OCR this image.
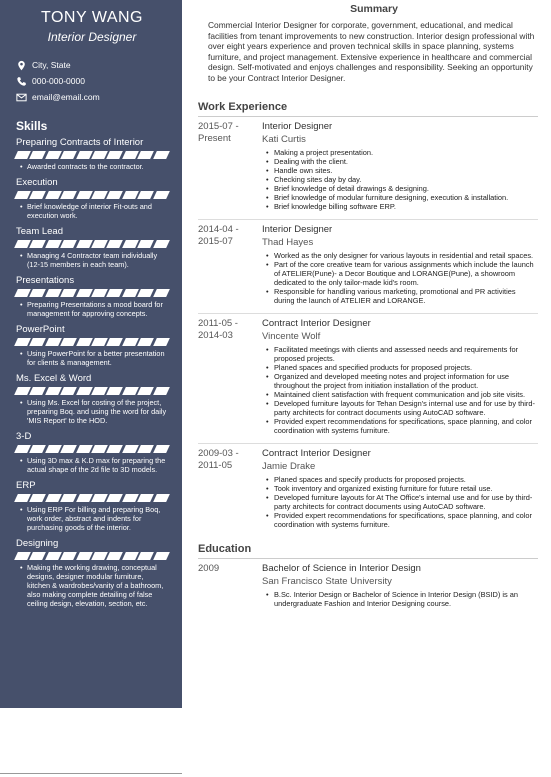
TONY WANG
Interior Designer
City, State
000-000-0000
email@email.com
Skills
Preparing Contracts of Interior
• Awarded contracts to the contractor.
Execution
• Brief knowledge of interior Fit-outs and execution work.
Team Lead
• Managing 4 Contractor team individually (12-15 members in each team).
Presentations
• Preparing Presentations a mood board for management for approving concepts.
PowerPoint
• Using PowerPoint for a better presentation for clients & management.
Ms. Excel & Word
• Using Ms. Excel for costing of the project, preparing Boq. and using the word for daily 'MIS Report' to the HOD.
3-D
• Using 3D max & K.D max for preparing the actual shape of the 2d file to 3D models.
ERP
• Using ERP For billing and preparing Boq, work order, abstract and indents for purchasing goods of the interior.
Designing
• Making the working drawing, conceptual designs, designer modular furniture, kitchen & wardrobes/vanity of a bathroom, also making complete detailing of false ceiling design, elevation, section, etc.
Summary
Commercial Interior Designer for corporate, government, educational, and medical facilities from tenant improvements to new construction. Interior design professional with over eight years experience and proven technical skills in space planning, systems furniture, and project management. Extensive experience in healthcare and commercial design. Self-motivated and enjoys challenges and responsibility. Seeking an opportunity to be your Contract Interior Designer.
Work Experience
2015-07 - Present
Interior Designer
Kati Curtis
• Making a project presentation.
• Dealing with the client.
• Handle own sites.
• Checking sites day by day.
• Brief knowledge of detail drawings & designing.
• Brief knowledge of modular furniture designing, execution & installation.
• Brief knowledge billing software ERP.
2014-04 - 2015-07
Interior Designer
Thad Hayes
• Worked as the only designer for various layouts in residential and retail spaces.
• Part of the core creative team for various assignments which include the launch of ATELIER(Pune)- a Decor Boutique and LORANGE(Pune), a showroom dedicated to the only tailor-made kid's room.
• Responsible for handling various marketing, promotional and PR activities during the launch of ATELIER and LORANGE.
2011-05 - 2014-03
Contract Interior Designer
Vincente Wolf
• Facilitated meetings with clients and assessed needs and requirements for proposed projects.
• Planed spaces and specified products for proposed projects.
• Organized and developed meeting notes and project information for use throughout the project from initiation installation of the product.
• Maintained client satisfaction with frequent communication and job site visits.
• Developed furniture layouts for Tehan Design's internal use and for use by third-party architects for contract documents using AutoCAD software.
• Provided expert recommendations for specifications, space planning, and color coordination with systems furniture.
2009-03 - 2011-05
Contract Interior Designer
Jamie Drake
• Planed spaces and specify products for proposed projects.
• Took inventory and organized existing furniture for future retail use.
• Developed furniture layouts for At The Office's internal use and for use by third-party architects for contract documents using AutoCAD software.
• Provided expert recommendations for specifications, space planning, and color coordination with systems furniture.
Education
2009	Bachelor of Science in Interior Design
San Francisco State University
• B.Sc. Interior Design or Bachelor of Science in Interior Design (BSID) is an undergraduate Fashion and Interior Designing course.
